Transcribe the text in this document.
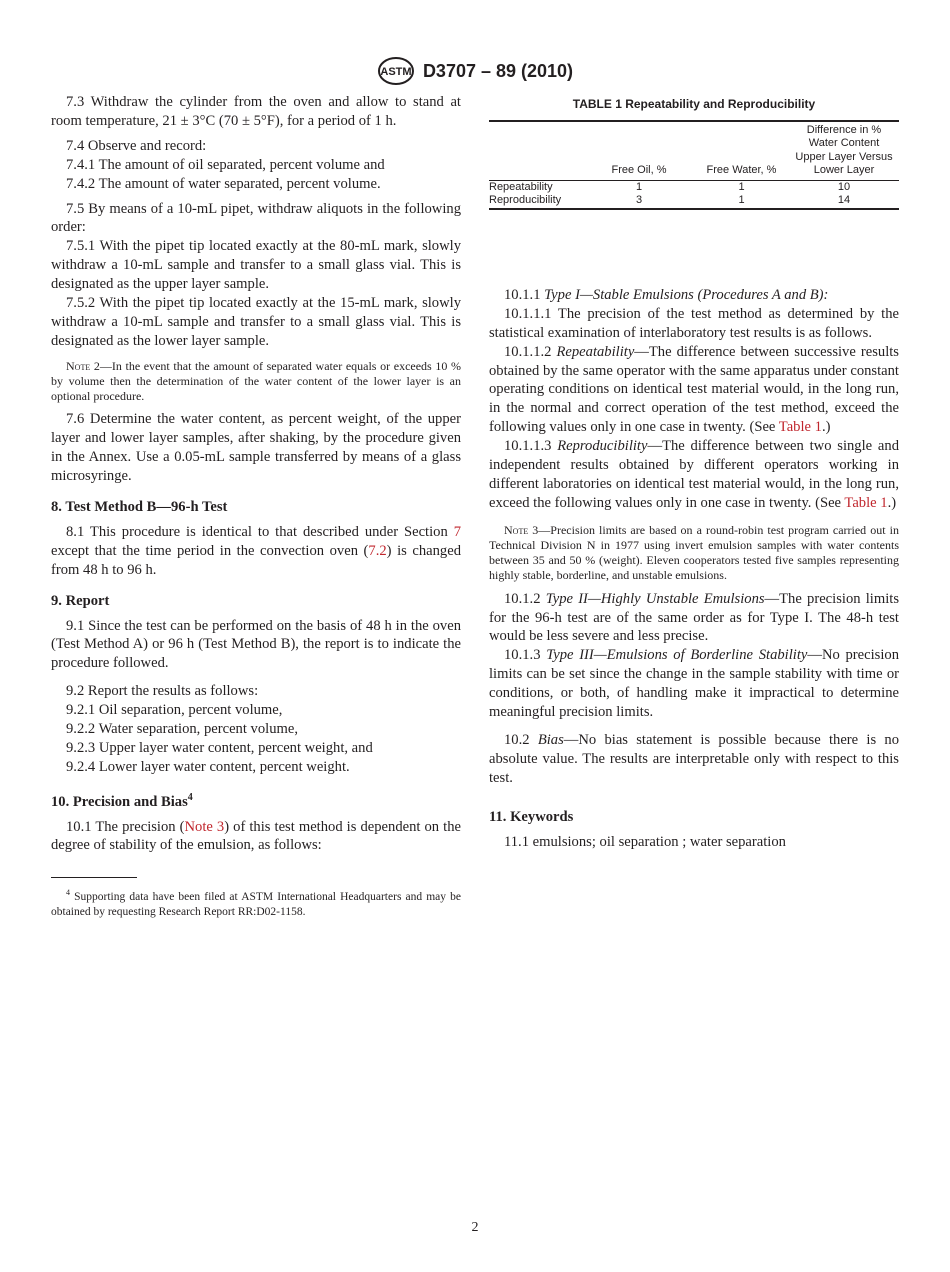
ASTM D3707 – 89 (2010)

7.3 Withdraw the cylinder from the oven and allow to stand at room temperature, 21 ± 3°C (70 ± 5°F), for a period of 1 h.

7.4 Observe and record:

7.4.1 The amount of oil separated, percent volume and

7.4.2 The amount of water separated, percent volume.

7.5 By means of a 10-mL pipet, withdraw aliquots in the following order:

7.5.1 With the pipet tip located exactly at the 80-mL mark, slowly withdraw a 10-mL sample and transfer to a small glass vial. This is designated as the upper layer sample.

7.5.2 With the pipet tip located exactly at the 15-mL mark, slowly withdraw a 10-mL sample and transfer to a small glass vial. This is designated as the lower layer sample.

Note 2—In the event that the amount of separated water equals or exceeds 10 % by volume then the determination of the water content of the lower layer is an optional procedure.

7.6 Determine the water content, as percent weight, of the upper layer and lower layer samples, after shaking, by the procedure given in the Annex. Use a 0.05-mL sample transferred by means of a glass microsyringe.

8. Test Method B—96-h Test

8.1 This procedure is identical to that described under Section 7 except that the time period in the convection oven (7.2) is changed from 48 h to 96 h.

9. Report

9.1 Since the test can be performed on the basis of 48 h in the oven (Test Method A) or 96 h (Test Method B), the report is to indicate the procedure followed.

9.2 Report the results as follows:

9.2.1 Oil separation, percent volume,

9.2.2 Water separation, percent volume,

9.2.3 Upper layer water content, percent weight, and

9.2.4 Lower layer water content, percent weight.

10. Precision and Bias$^4$

10.1 The precision (Note 3) of this test method is dependent on the degree of stability of the emulsion, as follows:

$^4$ Supporting data have been filed at ASTM International Headquarters and may be obtained by requesting Research Report RR:D02-1158.

TABLE 1 Repeatability and Reproducibility
	Free Oil, %	Free Water, %	Difference in %
Water Content
Upper Layer Versus
Lower Layer

Repeatability	1	1	10
Reproducibility	3	1	14

10.1.1 Type I—Stable Emulsions (Procedures A and B):

10.1.1.1 The precision of the test method as determined by the statistical examination of interlaboratory test results is as follows.

10.1.1.2 Repeatability—The difference between successive results obtained by the same operator with the same apparatus under constant operating conditions on identical test material would, in the long run, in the normal and correct operation of the test method, exceed the following values only in one case in twenty. (See Table 1.)

10.1.1.3 Reproducibility—The difference between two single and independent results obtained by different operators working in different laboratories on identical test material would, in the long run, exceed the following values only in one case in twenty. (See Table 1.)

Note 3—Precision limits are based on a round-robin test program carried out in Technical Division N in 1977 using invert emulsion samples with water contents between 35 and 50 % (weight). Eleven cooperators tested five samples representing highly stable, borderline, and unstable emulsions.

10.1.2 Type II—Highly Unstable Emulsions—The precision limits for the 96-h test are of the same order as for Type I. The 48-h test would be less severe and less precise.

10.1.3 Type III—Emulsions of Borderline Stability—No precision limits can be set since the change in the sample stability with time or conditions, or both, of handling make it impractical to determine meaningful precision limits.

10.2 Bias—No bias statement is possible because there is no absolute value. The results are interpretable only with respect to this test.

11. Keywords

11.1 emulsions; oil separation ; water separation

2
